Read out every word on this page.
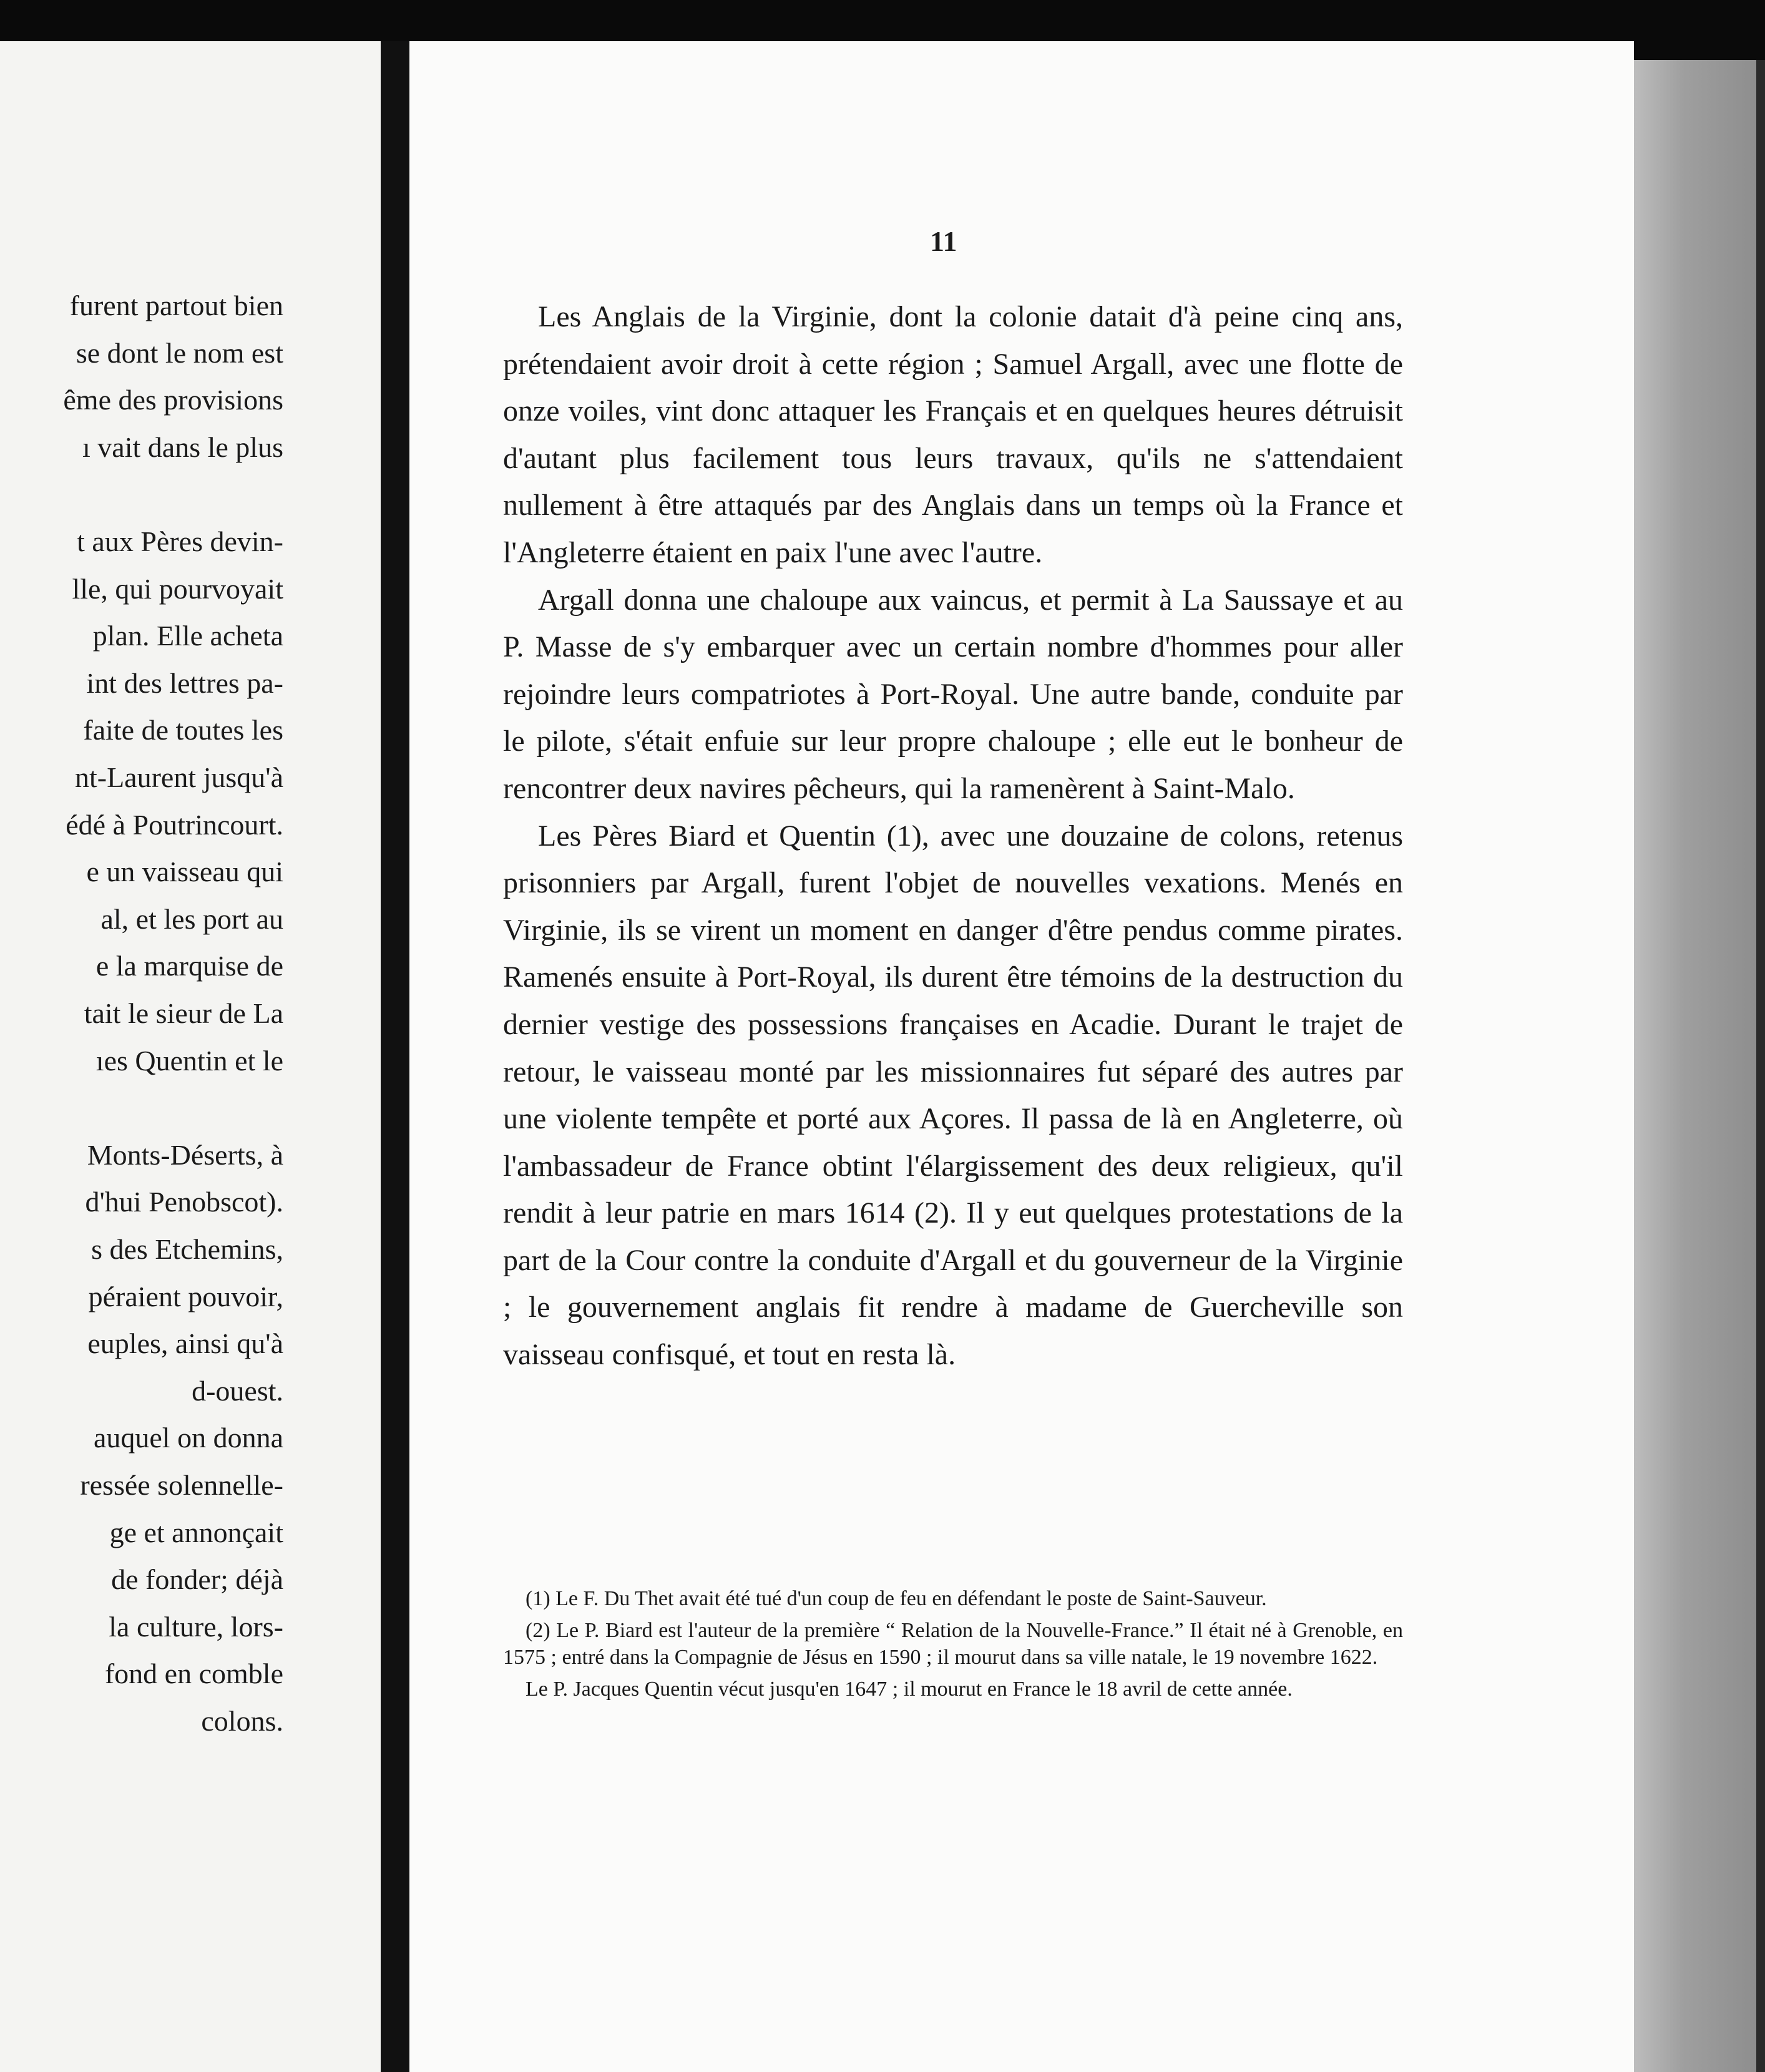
furent partout bien
se dont le nom est
ême des provisions
ı vait dans le plus
t aux Pères devin-
lle, qui pourvoyait
plan. Elle acheta
int des lettres pa-
faite de toutes les
nt-Laurent jusqu'à
édé à Poutrincourt.
e un vaisseau qui
al, et les port au
e la marquise de
tait le sieur de La
ıes Quentin et le
Monts-Déserts, à
d'hui Penobscot).
s des Etchemins,
péraient pouvoir,
euples, ainsi qu'à
d-ouest.
auquel on donna
ressée solennelle-
ge et annonçait
de fonder; déjà
la culture, lors-
fond en comble
colons.
11

Les Anglais de la Virginie, dont la colonie datait d'à peine cinq ans, prétendaient avoir droit à cette région ; Samuel Argall, avec une flotte de onze voiles, vint donc attaquer les Français et en quelques heures détruisit d'autant plus facilement tous leurs travaux, qu'ils ne s'attendaient nullement à être attaqués par des Anglais dans un temps où la France et l'Angleterre étaient en paix l'une avec l'autre.

Argall donna une chaloupe aux vaincus, et permit à La Saussaye et au P. Masse de s'y embarquer avec un certain nombre d'hommes pour aller rejoindre leurs compatriotes à Port-Royal. Une autre bande, conduite par le pilote, s'était enfuie sur leur propre chaloupe ; elle eut le bonheur de rencontrer deux navires pêcheurs, qui la ramenèrent à Saint-Malo.

Les Pères Biard et Quentin (1), avec une douzaine de colons, retenus prisonniers par Argall, furent l'objet de nouvelles vexations. Menés en Virginie, ils se virent un moment en danger d'être pendus comme pirates. Ramenés ensuite à Port-Royal, ils durent être témoins de la destruction du dernier vestige des possessions françaises en Acadie. Durant le trajet de retour, le vaisseau monté par les missionnaires fut séparé des autres par une violente tempête et porté aux Açores. Il passa de là en Angleterre, où l'ambassadeur de France obtint l'élargissement des deux religieux, qu'il rendit à leur patrie en mars 1614 (2). Il y eut quelques protestations de la part de la Cour contre la conduite d'Argall et du gouverneur de la Virginie ; le gouvernement anglais fit rendre à madame de Guercheville son vaisseau confisqué, et tout en resta là.

(1) Le F. Du Thet avait été tué d'un coup de feu en défendant le poste de Saint-Sauveur.

(2) Le P. Biard est l'auteur de la première “ Relation de la Nouvelle-France.” Il était né à Grenoble, en 1575 ; entré dans la Compagnie de Jésus en 1590 ; il mourut dans sa ville natale, le 19 novembre 1622.

Le P. Jacques Quentin vécut jusqu'en 1647 ; il mourut en France le 18 avril de cette année.
